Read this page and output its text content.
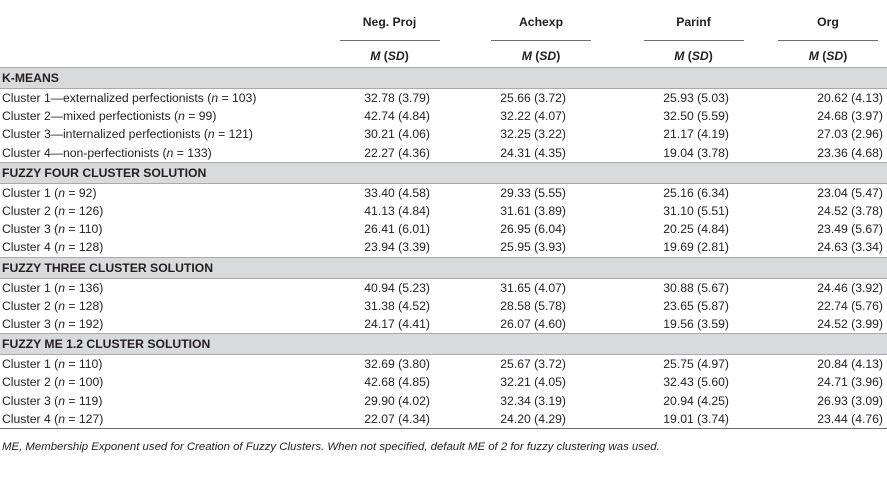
	Neg. Proj	Achexp	Parinf	Org
	M (SD)	M (SD)	M (SD)	M (SD)
K-MEANS				
Cluster 1—externalized perfectionists (n = 103)	32.78 (3.79)	25.66 (3.72)	25.93 (5.03)	20.62 (4.13)
Cluster 2—mixed perfectionists (n = 99)	42.74 (4.84)	32.22 (4.07)	32.50 (5.59)	24.68 (3.97)
Cluster 3—internalized perfectionists (n = 121)	30.21 (4.06)	32.25 (3.22)	21.17 (4.19)	27.03 (2.96)
Cluster 4—non-perfectionists (n = 133)	22.27 (4.36)	24.31 (4.35)	19.04 (3.78)	23.36 (4.68)
FUZZY FOUR CLUSTER SOLUTION				
Cluster 1 (n = 92)	33.40 (4.58)	29.33 (5.55)	25.16 (6.34)	23.04 (5.47)
Cluster 2 (n = 126)	41.13 (4.84)	31.61 (3.89)	31.10 (5.51)	24.52 (3.78)
Cluster 3 (n = 110)	26.41 (6.01)	26.95 (6.04)	20.25 (4.84)	23.49 (5.67)
Cluster 4 (n = 128)	23.94 (3.39)	25.95 (3.93)	19.69 (2.81)	24.63 (3.34)
FUZZY THREE CLUSTER SOLUTION				
Cluster 1 (n = 136)	40.94 (5.23)	31.65 (4.07)	30.88 (5.67)	24.46 (3.92)
Cluster 2 (n = 128)	31.38 (4.52)	28.58 (5.78)	23.65 (5.87)	22.74 (5.76)
Cluster 3 (n = 192)	24.17 (4.41)	26.07 (4.60)	19.56 (3.59)	24.52 (3.99)
FUZZY ME 1.2 CLUSTER SOLUTION				
Cluster 1 (n = 110)	32.69 (3.80)	25.67 (3.72)	25.75 (4.97)	20.84 (4.13)
Cluster 2 (n = 100)	42.68 (4.85)	32.21 (4.05)	32.43 (5.60)	24.71 (3.96)
Cluster 3 (n = 119)	29.90 (4.02)	32.34 (3.19)	20.94 (4.25)	26.93 (3.09)
Cluster 4 (n = 127)	22.07 (4.34)	24.20 (4.29)	19.01 (3.74)	23.44 (4.76)
ME, Membership Exponent used for Creation of Fuzzy Clusters. When not specified, default ME of 2 for fuzzy clustering was used.
